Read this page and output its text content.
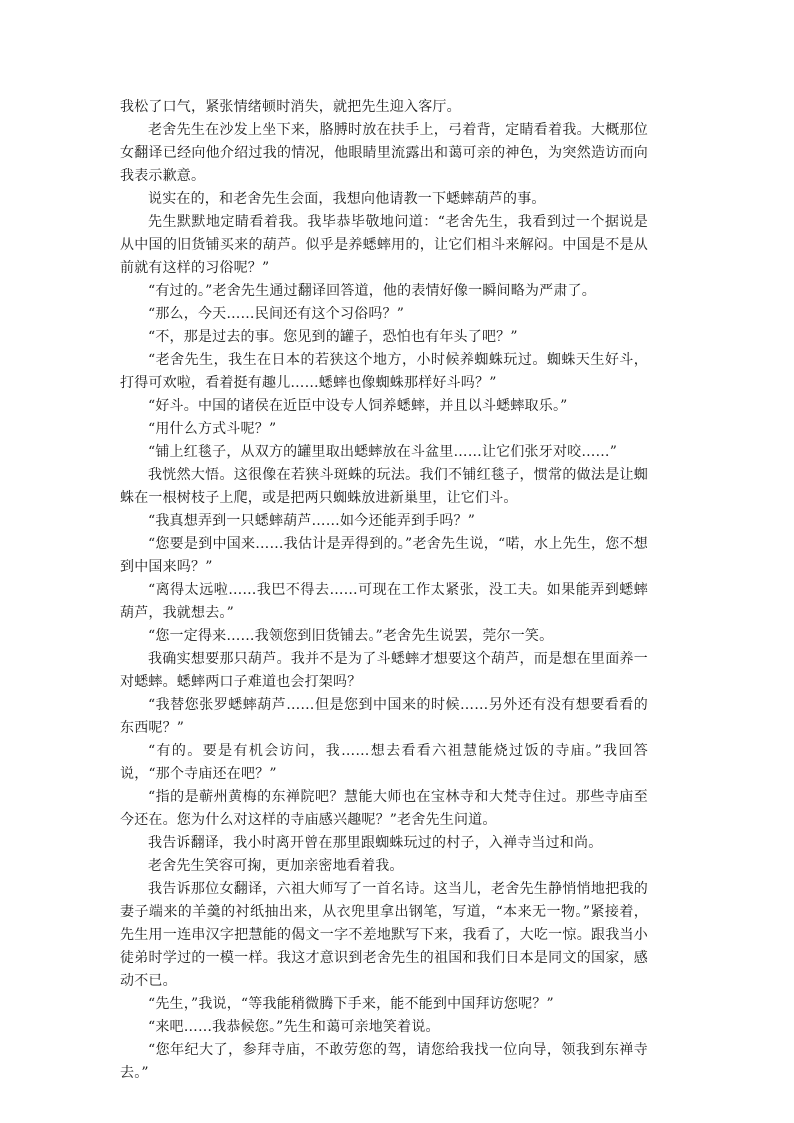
我松了口气，紧张情绪顿时消失，就把先生迎入客厅。

老舍先生在沙发上坐下来，胳膊时放在扶手上，弓着背，定睛看着我。大概那位女翻译已经向他介绍过我的情况，他眼睛里流露出和蔼可亲的神色，为突然造访而向我表示歉意。

说实在的，和老舍先生会面，我想向他请教一下蟋蟀葫芦的事。

先生默默地定睛看着我。我毕恭毕敬地问道：“老舍先生，我看到过一个据说是从中国的旧货铺买来的葫芦。似乎是养蟋蟀用的，让它们相斗来解闷。中国是不是从前就有这样的习俗呢？”

“有过的。”老舍先生通过翻译回答道，他的表情好像一瞬间略为严肃了。

“那么，今天……民间还有这个习俗吗？”

“不，那是过去的事。您见到的罐子，恐怕也有年头了吧？”

“老舍先生，我生在日本的若狭这个地方，小时候养蜘蛛玩过。蜘蛛天生好斗，打得可欢啦，看着挺有趣儿……蟋蟀也像蜘蛛那样好斗吗？”

“好斗。中国的诸侯在近臣中设专人饲养蟋蟀，并且以斗蟋蟀取乐。”

“用什么方式斗呢？”

“铺上红毯子，从双方的罐里取出蟋蟀放在斗盆里……让它们张牙对咬……”

我恍然大悟。这很像在若狭斗斑蛛的玩法。我们不铺红毯子，惯常的做法是让蜘蛛在一根树枝子上爬，或是把两只蜘蛛放进新巢里，让它们斗。

“我真想弄到一只蟋蟀葫芦……如今还能弄到手吗？”

“您要是到中国来……我估计是弄得到的。”老舍先生说，“喏，水上先生，您不想到中国来吗？”

“离得太远啦……我巴不得去……可现在工作太紧张，没工夫。如果能弄到蟋蟀葫芦，我就想去。”

“您一定得来……我领您到旧货铺去。”老舍先生说罢，莞尔一笑。

我确实想要那只葫芦。我并不是为了斗蟋蟀才想要这个葫芦，而是想在里面养一对蟋蟀。蟋蟀两口子难道也会打架吗？

“我替您张罗蟋蟀葫芦……但是您到中国来的时候……另外还有没有想要看看的东西呢？”

“有的。要是有机会访问，我……想去看看六祖慧能烧过饭的寺庙。”我回答说，“那个寺庙还在吧？”

“指的是蕲州黄梅的东禅院吧？慧能大师也在宝林寺和大梵寺住过。那些寺庙至今还在。您为什么对这样的寺庙感兴趣呢？”老舍先生问道。

我告诉翻译，我小时离开曾在那里跟蜘蛛玩过的村子，入禅寺当过和尚。

老舍先生笑容可掬，更加亲密地看着我。

我告诉那位女翻译，六祖大师写了一首名诗。这当儿，老舍先生静悄悄地把我的妻子端来的羊羹的衬纸抽出来，从衣兜里拿出钢笔，写道，“本来无一物。”紧接着，先生用一连串汉字把慧能的偈文一字不差地默写下来，我看了，大吃一惊。跟我当小徒弟时学过的一模一样。我这才意识到老舍先生的祖国和我们日本是同文的国家，感动不已。

“先生，”我说，“等我能稍微腾下手来，能不能到中国拜访您呢？”

“来吧……我恭候您。”先生和蔼可亲地笑着说。

“您年纪大了，参拜寺庙，不敢劳您的驾，请您给我找一位向导，领我到东禅寺去。”
